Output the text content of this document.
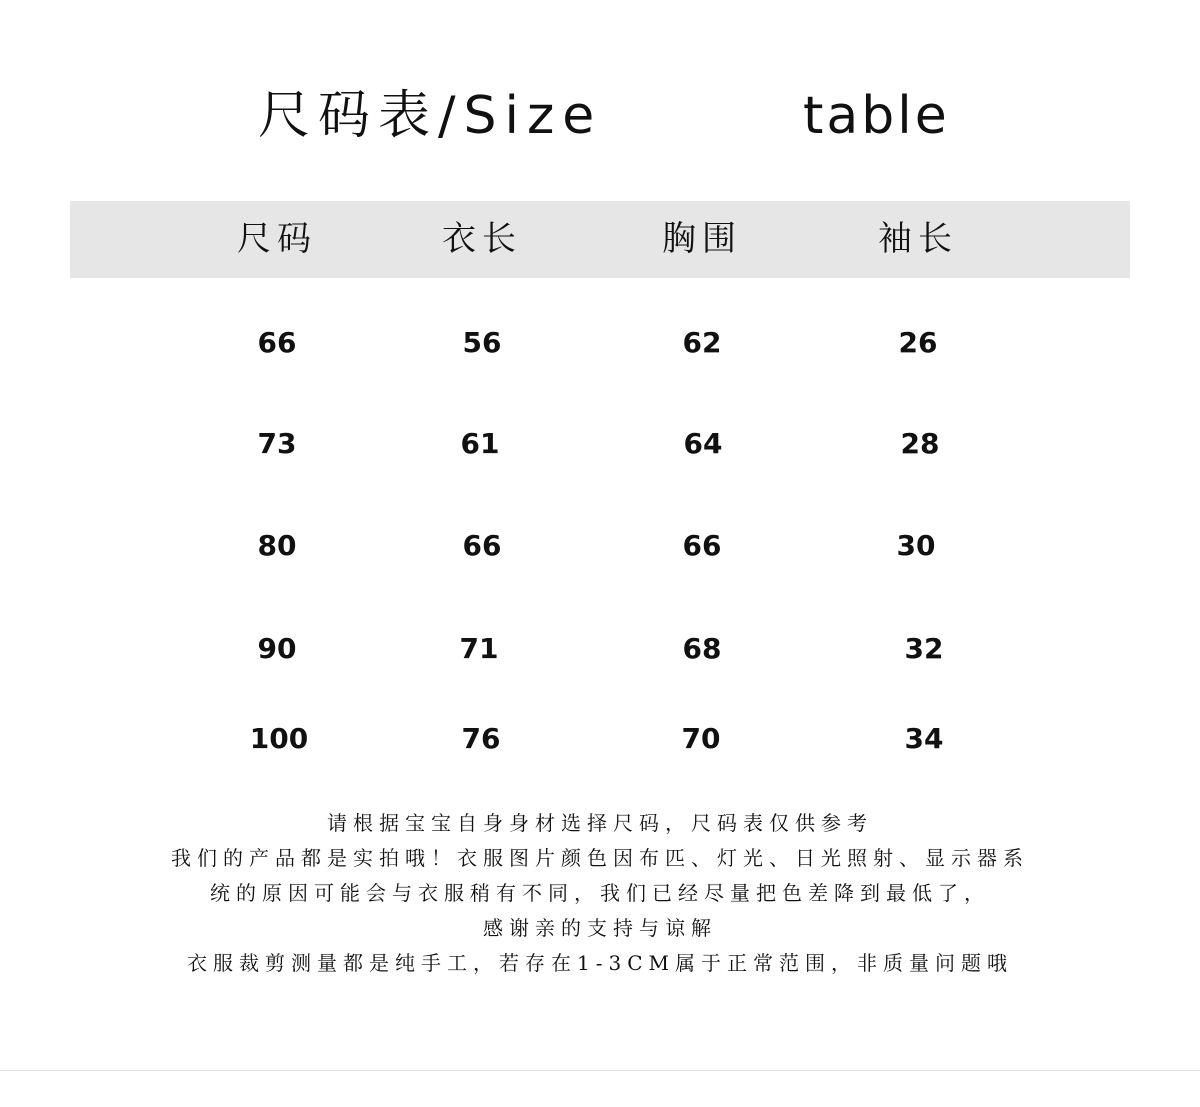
尺码表/Size	table
尺码	衣长	胸围	袖长
66	56	62	26
73	61	64	28
80	66	66	30
90	71	68	32
100	76	70	34
请根据宝宝自身身材选择尺码，尺码表仅供参考
我们的产品都是实拍哦！衣服图片颜色因布匹、灯光、日光照射、显示器系
统的原因可能会与衣服稍有不同，我们已经尽量把色差降到最低了，
感谢亲的支持与谅解
衣服裁剪测量都是纯手工，若存在1-3CM属于正常范围，非质量问题哦
